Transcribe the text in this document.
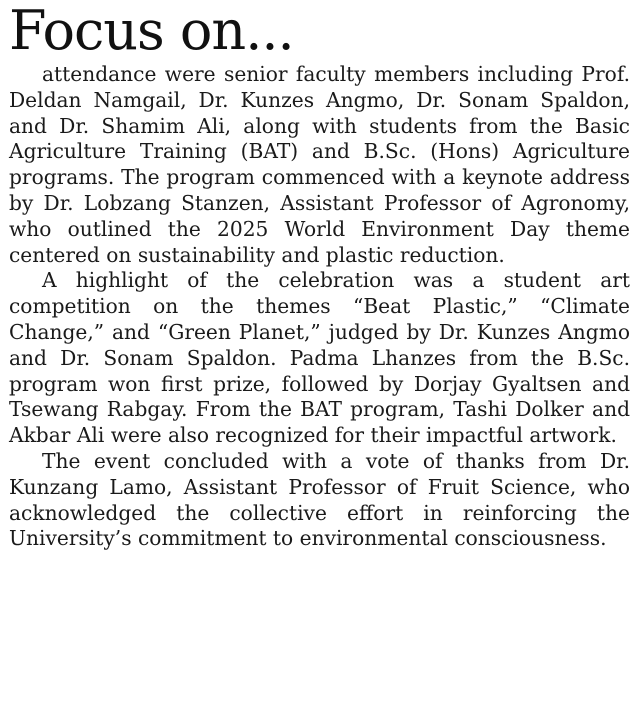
Focus on...

attendance were senior faculty members including Prof. Deldan Namgail, Dr. Kunzes Angmo, Dr. Sonam Spaldon, and Dr. Shamim Ali, along with students from the Basic Agriculture Training (BAT) and B.Sc. (Hons) Agriculture programs. The program commenced with a keynote address by Dr. Lobzang Stanzen, Assistant Professor of Agronomy, who outlined the 2025 World Environment Day theme centered on sustainability and plastic reduction.

A highlight of the celebration was a student art competition on the themes “Beat Plastic,” “Climate Change,” and “Green Planet,” judged by Dr. Kunzes Angmo and Dr. Sonam Spaldon. Padma Lhanzes from the B.Sc. program won first prize, followed by Dorjay Gyaltsen and Tsewang Rabgay. From the BAT program, Tashi Dolker and Akbar Ali were also recognized for their impactful artwork.

The event concluded with a vote of thanks from Dr. Kunzang Lamo, Assistant Professor of Fruit Science, who acknowledged the collective effort in reinforcing the University’s commitment to environmental consciousness.
